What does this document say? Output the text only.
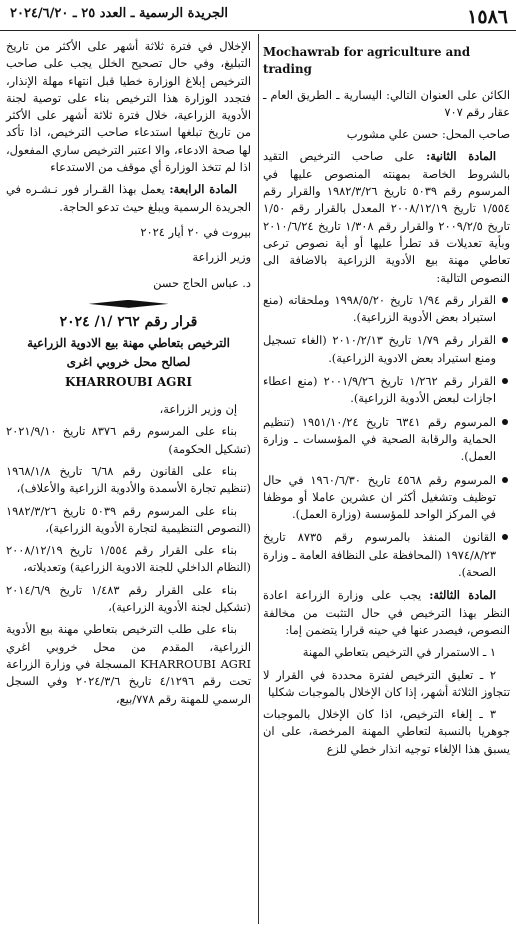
١٥٨٦
الجريدة الرسمية ـ العدد ٢٥ ـ ٢٠٢٤/٦/٢٠
Mochawrab for agriculture and trading

الكائن على العنوان التالي: اليسارية ـ الطريق العام ـ عقار رقم ٧٠٧

صاحب المحل: حسن علي مشورب

المادة الثانية: على صاحب الترخيص التقيد بالشروط الخاصة بمهنته المنصوص عليها في المرسوم رقم ٥٠٣٩ تاريخ ١٩٨٢/٣/٢٦ والقرار رقم ١/٥٥٤ تاريخ ٢٠٠٨/١٢/١٩ المعدل بالقرار رقم ١/٥٠ تاريخ ٢٠٠٩/٢/٥ والقرار رقم ١/٣٠٨ تاريخ ٢٠١٠/٦/٢٤ وبأية تعديلات قد تطرأ عليها أو أية نصوص ترعى تعاطي مهنة بيع الأدوية الزراعية بالاضافة الى النصوص التالية:

القرار رقم ١/٩٤ تاريخ ١٩٩٨/٥/٢٠ وملحقاته (منع استيراد بعض الأدوية الزراعية).
القرار رقم ١/٧٩ تاريخ ٢٠١٠/٢/١٣ (الغاء تسجيل ومنع استيراد بعض الادوية الزراعية).
القرار رقم ١/٢٦٢ تاريخ ٢٠٠١/٩/٢٦ (منع اعطاء اجازات لبعض الأدوية الزراعية).
المرسوم رقم ٦٣٤١ تاريخ ١٩٥١/١٠/٢٤ (تنظيم الحماية والرقابة الصحية في المؤسسات ـ وزارة العمل).
المرسوم رقم ٤٥٦٨ تاريخ ١٩٦٠/٦/٣٠ في حال توظيف وتشغيل أكثر ان عشرين عاملا أو موظفا في المركز الواحد للمؤسسة (وزارة العمل).
القانون المنفذ بالمرسوم رقم ٨٧٣٥ تاريخ ١٩٧٤/٨/٢٣ (المحافظة على النظافة العامة ـ وزارة الصحة).

المادة الثالثة: يجب على وزارة الزراعة اعادة النظر بهذا الترخيص في حال التثبت من مخالفة النصوص، فيصدر عنها في حينه قرارا يتضمن إما:

١ ـ الاستمرار في الترخيص بتعاطي المهنة

٢ ـ تعليق الترخيص لفترة محددة في القرار لا تتجاوز الثلاثة أشهر، إذا كان الإخلال بالموجبات شكليا

٣ ـ إلغاء الترخيص، اذا كان الإخلال بالموجبات جوهريا بالنسبة لتعاطي المهنة المرخصة، على ان يسبق هذا الإلغاء توجيه انذار خطي للزع

الإخلال في فترة ثلاثة أشهر على الأكثر من تاريخ التبليغ، وفي حال تصحيح الخلل يجب على صاحب الترخيص إبلاغ الوزارة خطيا قبل انتهاء مهلة الإنذار، فتجدد الوزارة هذا الترخيص بناء على توصية لجنة الأدوية الزراعية، خلال فترة ثلاثة أشهر على الأكثر من تاريخ تبلغها استدعاء صاحب الترخيص، اذا تأكد لها صحة الادعاء، والا اعتبر الترخيص ساري المفعول، اذا لم تتخذ الوزارة أي موقف من الاستدعاء

المادة الرابعة: يعمل بهذا القـرار فور نـشـره في الجريدة الرسمية ويبلغ حيث تدعو الحاجة.

بيروت في ٢٠ أيار ٢٠٢٤

وزير الزراعة

د. عباس الحاج حسن

قرار رقم ٢٦٢ /١/ ٢٠٢٤
الترخيص بتعاطي مهنة بيع الادوية الزراعية
لصالح محل خروبي اغرى
KHARROUBI AGRI

إن وزير الزراعة،

بناء على المرسوم رقم ٨٣٧٦ تاريخ ٢٠٢١/٩/١٠ (تشكيل الحكومة)

بناء على القانون رقم ٦/٦٨ تاريخ ١٩٦٨/١/٨ (تنظيم تجارة الأسمدة والأدوية الزراعية والأعلاف)،

بناء على المرسوم رقم ٥٠٣٩ تاريخ ١٩٨٢/٣/٢٦ (النصوص التنظيمية لتجارة الأدوية الزراعية)،

بناء على القرار رقم ١/٥٥٤ تاريخ ٢٠٠٨/١٢/١٩ (النظام الداخلي للجنة الادوية الزراعية) وتعديلاته،

بناء على القرار رقم ١/٤٨٣ تاريخ ٢٠١٤/٦/٩ (تشكيل لجنة الأدوية الزراعية)،

بناء على طلب الترخيص بتعاطي مهنة بيع الأدوية الزراعية، المقدم من محل خروبي اغري KHARROUBI AGRI المسجلة في وزارة الزراعة تحت رقم ٤/١٢٩٦ تاريخ ٢٠٢٤/٣/٦ وفي السجل الرسمي للمهنة رقم ٧٧٨/بيع،
